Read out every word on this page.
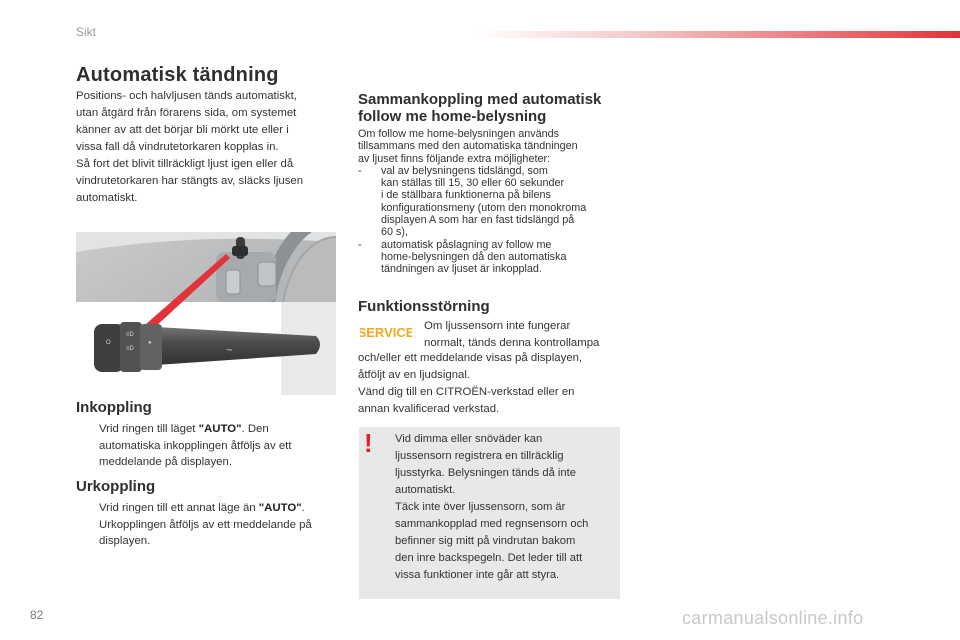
Sikt
Automatisk tändning
Positions- och halvljusen tänds automatiskt,
utan åtgärd från förarens sida, om systemet
känner av att det börjar bli mörkt ute eller i
vissa fall då vindrutetorkaren kopplas in.
Så fort det blivit tillräckligt ljust igen eller då
vindrutetorkaren har stängts av, släcks ljusen
automatiskt.
O
≡D
≡D
●
⊸
Inkoppling
Vrid ringen till läget "AUTO". Den
automatiska inkopplingen åtföljs av ett
meddelande på displayen.
Urkoppling
Vrid ringen till ett annat läge än "AUTO".
Urkopplingen åtföljs av ett meddelande på
displayen.
Sammankoppling med automatisk
follow me home-belysning
Om follow me home-belysningen används
tillsammans med den automatiska tändningen
av ljuset finns följande extra möjligheter:
- val av belysningens tidslängd, som
kan ställas till 15, 30 eller 60 sekunder
i de ställbara funktionerna på bilens
konfigurationsmeny (utom den monokroma
displayen A som har en fast tidslängd på
60 s),
- automatisk påslagning av follow me
home-belysningen då den automatiska
tändningen av ljuset är inkopplad.
Funktionsstörning
SERVICE Om ljussensorn inte fungerar
normalt, tänds denna kontrollampa
och/eller ett meddelande visas på displayen,
åtföljt av en ljudsignal.
Vänd dig till en CITROËN-verkstad eller en
annan kvalificerad verkstad.
! Vid dimma eller snöväder kan
ljussensorn registrera en tillräcklig
ljusstyrka. Belysningen tänds då inte
automatiskt.
Täck inte över ljussensorn, som är
sammankopplad med regnsensorn och
befinner sig mitt på vindrutan bakom
den inre backspegeln. Det leder till att
vissa funktioner inte går att styra.
82	carmanualsonline.info
